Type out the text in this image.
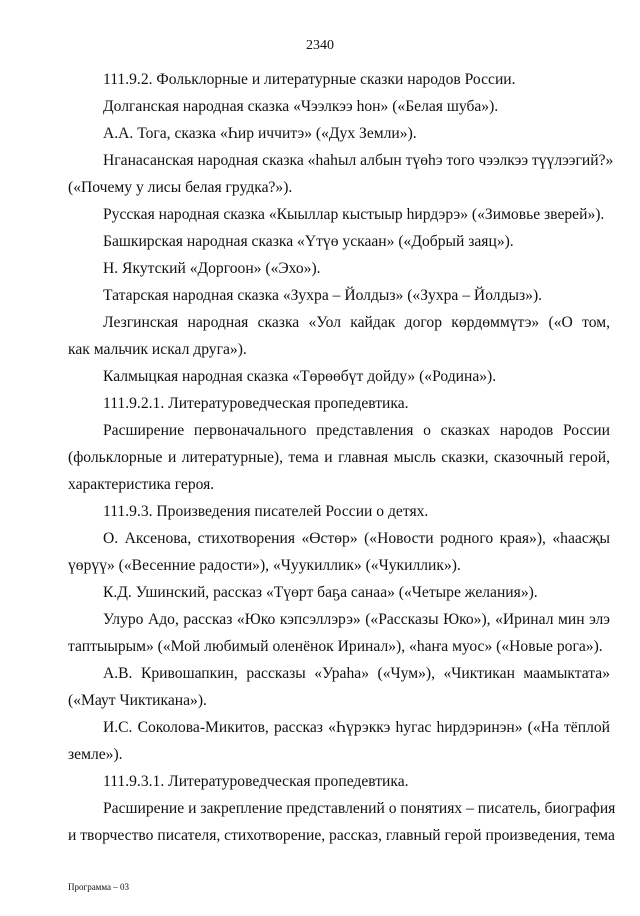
2340
111.9.2. Фольклорные и литературные сказки народов России.
Долганская народная сказка «Чээлкээ һон» («Белая шуба»).
А.А. Тога, сказка «Һир иччитэ» («Дух Земли»).
Нганасанская народная сказка «һаһыл албын түөһэ того чээлкээ түүлээгий?»
(«Почему у лисы белая грудка?»).
Русская народная сказка «Кыыллар кыстыыр һирдэрэ» («Зимовье зверей»).
Башкирская народная сказка «Үтүө ускаан» («Добрый заяц»).
Н. Якутский «Доргоон» («Эхо»).
Татарская народная сказка «Зухра – Йолдыз» («Зухра – Йолдыз»).
Лезгинская народная сказка «Уол кайдак догор көрдөммүтэ» («О том,
как мальчик искал друга»).
Калмыцкая народная сказка «Төрөөбүт дойду» («Родина»).
111.9.2.1. Литературоведческая пропедевтика.
Расширение первоначального представления о сказках народов России
(фольклорные и литературные), тема и главная мысль сказки, сказочный герой,
характеристика героя.
111.9.3. Произведения писателей России о детях.
О. Аксенова, стихотворения «Өстөр» («Новости родного края»), «һаасҗы
үөрүү» («Весенние радости»), «Чуукиллик» («Чукиллик»).
К.Д. Ушинский, рассказ «Түөрт баҕа санаа» («Четыре желания»).
Улуро Адо, рассказ «Юко кэпсэллэрэ» («Рассказы Юко»), «Иринал мин элэ
таптыырым» («Мой любимый оленёнок Иринал»), «һаҥа муос» («Новые рога»).
А.В. Кривошапкин, рассказы «Ураһа» («Чум»), «Чиктикан маамыктата»
(«Маут Чиктикана»).
И.С. Соколова-Микитов, рассказ «Һүрэккэ һугас һирдэринэн» («На тёплой
земле»).
111.9.3.1. Литературоведческая пропедевтика.
Расширение и закрепление представлений о понятиях – писатель, биография
и творчество писателя, стихотворение, рассказ, главный герой произведения, тема
Программа – 03
